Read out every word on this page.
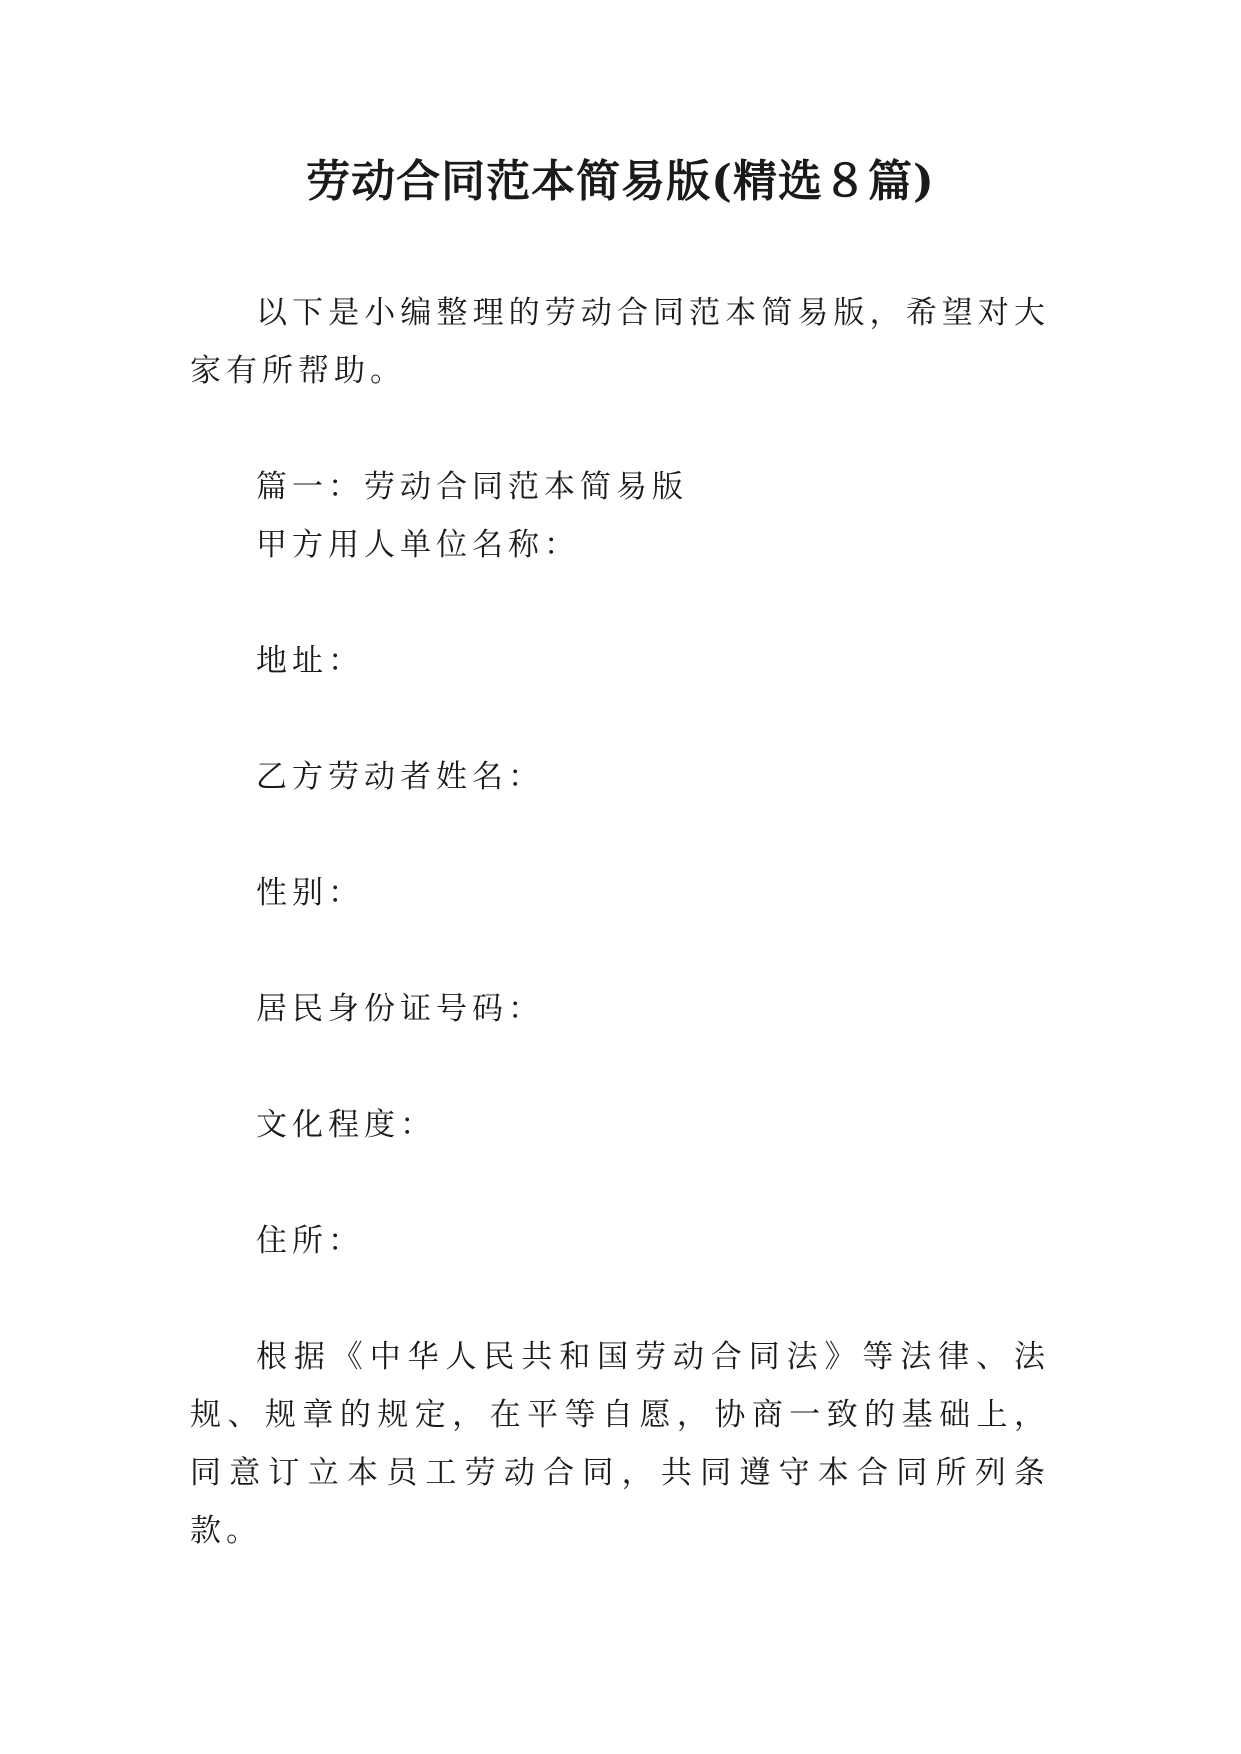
劳动合同范本简易版(精选８篇)

以下是小编整理的劳动合同范本简易版，希望对大家有所帮助。

篇一：劳动合同范本简易版

甲方用人单位名称：

地址：

乙方劳动者姓名：

性别：

居民身份证号码：

文化程度：

住所：

根据《中华人民共和国劳动合同法》等法律、法规、规章的规定，在平等自愿，协商一致的基础上，同意订立本员工劳动合同，共同遵守本合同所列条款。
